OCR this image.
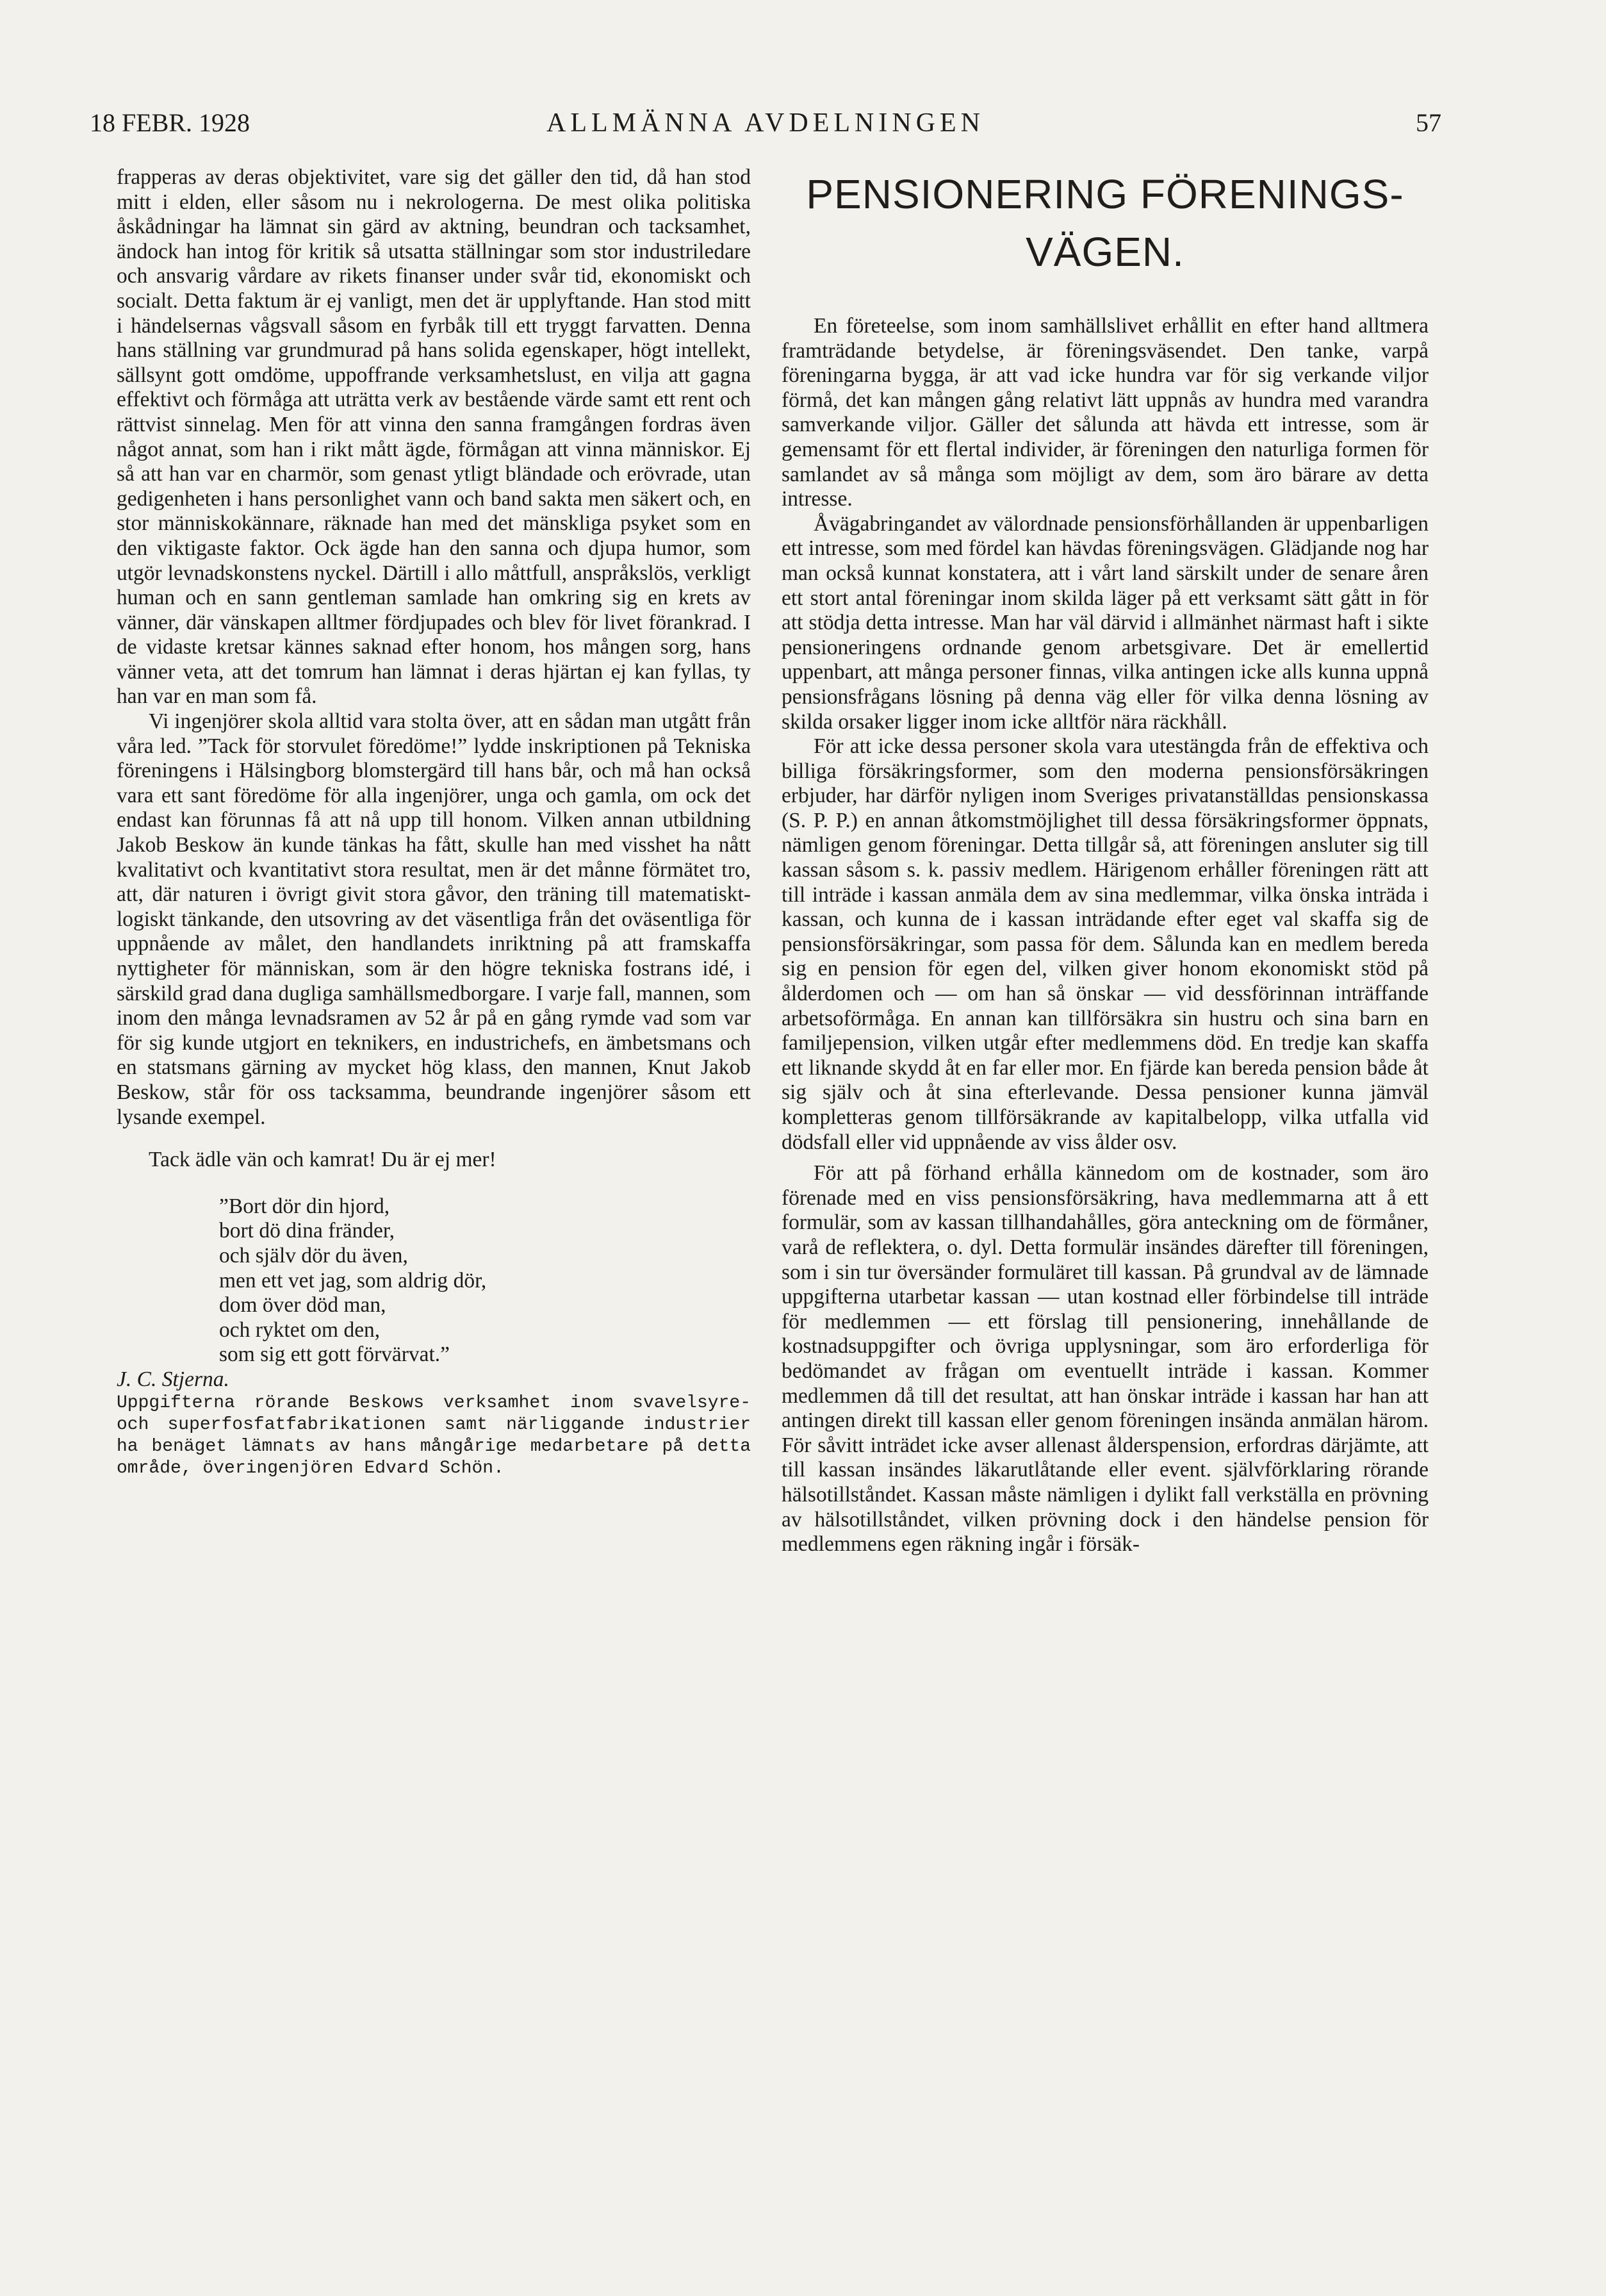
18 FEBR. 1928	ALLMÄNNA AVDELNINGEN	57

frapperas av deras objektivitet, vare sig det gäller den tid, då han stod mitt i elden, eller såsom nu i nekrologerna. De mest olika politiska åskådningar ha lämnat sin gärd av aktning, beundran och tacksamhet, ändock han intog för kritik så utsatta ställningar som stor industriledare och ansvarig vårdare av rikets finanser under svår tid, ekonomiskt och socialt. Detta faktum är ej vanligt, men det är upplyftande. Han stod mitt i händelsernas vågsvall såsom en fyrbåk till ett tryggt farvatten. Denna hans ställning var grundmurad på hans solida egenskaper, högt intellekt, sällsynt gott omdöme, uppoffrande verksamhetslust, en vilja att gagna effektivt och förmåga att uträtta verk av bestående värde samt ett rent och rättvist sinnelag. Men för att vinna den sanna framgången fordras även något annat, som han i rikt mått ägde, förmågan att vinna människor. Ej så att han var en charmör, som genast ytligt bländade och erövrade, utan gedigenheten i hans personlighet vann och band sakta men säkert och, en stor människokännare, räknade han med det mänskliga psyket som en den viktigaste faktor. Ock ägde han den sanna och djupa humor, som utgör levnadskonstens nyckel. Därtill i allo måttfull, anspråkslös, verkligt human och en sann gentleman samlade han omkring sig en krets av vänner, där vänskapen alltmer fördjupades och blev för livet förankrad. I de vidaste kretsar kännes saknad efter honom, hos mången sorg, hans vänner veta, att det tomrum han lämnat i deras hjärtan ej kan fyllas, ty han var en man som få.

Vi ingenjörer skola alltid vara stolta över, att en sådan man utgått från våra led. ”Tack för storvulet föredöme!” lydde inskriptionen på Tekniska föreningens i Hälsingborg blomstergärd till hans bår, och må han också vara ett sant föredöme för alla ingenjörer, unga och gamla, om ock det endast kan förunnas få att nå upp till honom. Vilken annan utbildning Jakob Beskow än kunde tänkas ha fått, skulle han med visshet ha nått kvalitativt och kvantitativt stora resultat, men är det månne förmätet tro, att, där naturen i övrigt givit stora gåvor, den träning till matematiskt-logiskt tänkande, den utsovring av det väsentliga från det oväsentliga för uppnående av målet, den handlandets inriktning på att framskaffa nyttigheter för människan, som är den högre tekniska fostrans idé, i särskild grad dana dugliga samhällsmedborgare. I varje fall, mannen, som inom den många levnadsramen av 52 år på en gång rymde vad som var för sig kunde utgjort en teknikers, en industrichefs, en ämbetsmans och en statsmans gärning av mycket hög klass, den mannen, Knut Jakob Beskow, står för oss tacksamma, beundrande ingenjörer såsom ett lysande exempel.

Tack ädle vän och kamrat! Du är ej mer!

”Bort dör din hjord,
bort dö dina fränder,
och själv dör du även,
men ett vet jag, som aldrig dör,
dom över död man,
och ryktet om den,
som sig ett gott förvärvat.”

J. C. Stjerna.

Uppgifterna rörande Beskows verksamhet inom svavelsyre- och superfosfatfabrikationen samt närliggande industrier ha benäget lämnats av hans mångårige medarbetare på detta område, överingenjören Edvard Schön.

PENSIONERING FÖRENINGS-
VÄGEN.

En företeelse, som inom samhällslivet erhållit en efter hand alltmera framträdande betydelse, är föreningsväsendet. Den tanke, varpå föreningarna bygga, är att vad icke hundra var för sig verkande viljor förmå, det kan mången gång relativt lätt uppnås av hundra med varandra samverkande viljor. Gäller det sålunda att hävda ett intresse, som är gemensamt för ett flertal individer, är föreningen den naturliga formen för samlandet av så många som möjligt av dem, som äro bärare av detta intresse.

Åvägabringandet av välordnade pensionsförhållanden är uppenbarligen ett intresse, som med fördel kan hävdas föreningsvägen. Glädjande nog har man också kunnat konstatera, att i vårt land särskilt under de senare åren ett stort antal föreningar inom skilda läger på ett verksamt sätt gått in för att stödja detta intresse. Man har väl därvid i allmänhet närmast haft i sikte pensioneringens ordnande genom arbetsgivare. Det är emellertid uppenbart, att många personer finnas, vilka antingen icke alls kunna uppnå pensionsfrågans lösning på denna väg eller för vilka denna lösning av skilda orsaker ligger inom icke alltför nära räckhåll.

För att icke dessa personer skola vara utestängda från de effektiva och billiga försäkringsformer, som den moderna pensionsförsäkringen erbjuder, har därför nyligen inom Sveriges privatanställdas pensionskassa (S. P. P.) en annan åtkomstmöjlighet till dessa försäkringsformer öppnats, nämligen genom föreningar. Detta tillgår så, att föreningen ansluter sig till kassan såsom s. k. passiv medlem. Härigenom erhåller föreningen rätt att till inträde i kassan anmäla dem av sina medlemmar, vilka önska inträda i kassan, och kunna de i kassan inträdande efter eget val skaffa sig de pensionsförsäkringar, som passa för dem. Sålunda kan en medlem bereda sig en pension för egen del, vilken giver honom ekonomiskt stöd på ålderdomen och — om han så önskar — vid dessförinnan inträffande arbetsoförmåga. En annan kan tillförsäkra sin hustru och sina barn en familjepension, vilken utgår efter medlemmens död. En tredje kan skaffa ett liknande skydd åt en far eller mor. En fjärde kan bereda pension både åt sig själv och åt sina efterlevande. Dessa pensioner kunna jämväl kompletteras genom tillförsäkrande av kapitalbelopp, vilka utfalla vid dödsfall eller vid uppnående av viss ålder osv.

För att på förhand erhålla kännedom om de kostnader, som äro förenade med en viss pensionsförsäkring, hava medlemmarna att å ett formulär, som av kassan tillhandahålles, göra anteckning om de förmåner, varå de reflektera, o. dyl. Detta formulär insändes därefter till föreningen, som i sin tur översänder formuläret till kassan. På grundval av de lämnade uppgifterna utarbetar kassan — utan kostnad eller förbindelse till inträde för medlemmen — ett förslag till pensionering, innehållande de kostnadsuppgifter och övriga upplysningar, som äro erforderliga för bedömandet av frågan om eventuellt inträde i kassan. Kommer medlemmen då till det resultat, att han önskar inträde i kassan har han att antingen direkt till kassan eller genom föreningen insända anmälan härom. För såvitt inträdet icke avser allenast ålderspension, erfordras därjämte, att till kassan insändes läkarutlåtande eller event. självförklaring rörande hälsotillståndet. Kassan måste nämligen i dylikt fall verkställa en prövning av hälsotillståndet, vilken prövning dock i den händelse pension för medlemmens egen räkning ingår i försäk-
